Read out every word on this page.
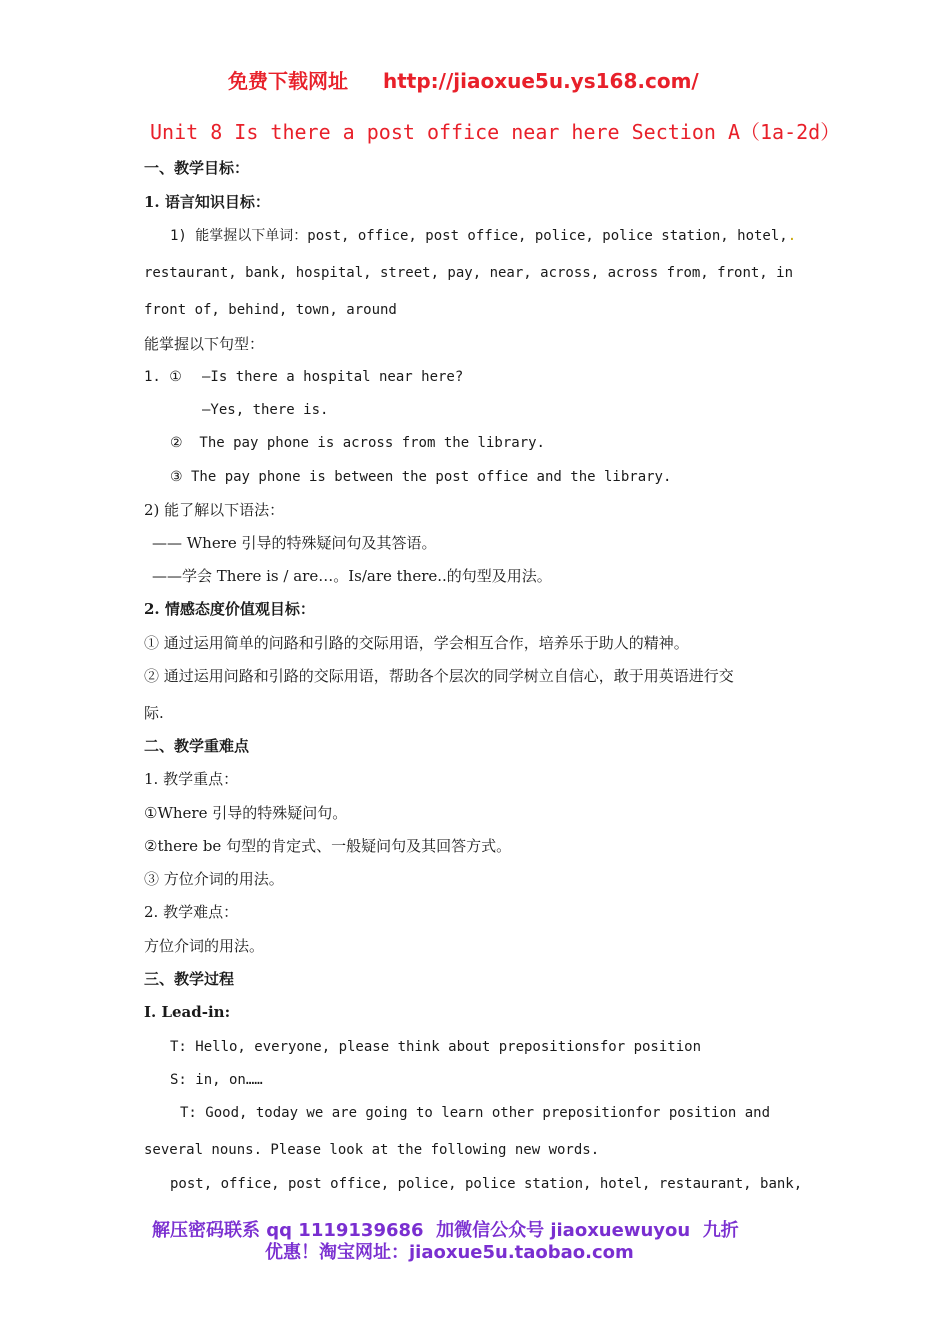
免费下载网址 http://jiaoxue5u.ys168.com/
Unit 8 Is there a post office near here Section A（1a-2d）
一、教学目标：
1. 语言知识目标：
1) 能掌握以下单词：post, office, post office, police, police station, hotel,.
restaurant, bank, hospital, street, pay, near, across, across from, front, in
front of, behind, town, around
能掌握以下句型：
1. ① —Is there a hospital near here?
—Yes, there is.
②  The pay phone is across from the library.
③ The pay phone is between the post office and the library.
2) 能了解以下语法：
—— Where 引导的特殊疑问句及其答语。
——学会 There is / are…。Is/are there..的句型及用法。
2. 情感态度价值观目标：
① 通过运用简单的问路和引路的交际用语，学会相互合作，培养乐于助人的精神。
② 通过运用问路和引路的交际用语，帮助各个层次的同学树立自信心，敢于用英语进行交
际.
二、教学重难点
1. 教学重点：
①Where 引导的特殊疑问句。
②there be 句型的肯定式、一般疑问句及其回答方式。
③ 方位介词的用法。
2. 教学难点：
方位介词的用法。
三、教学过程
Ⅰ. Lead-in:
T: Hello, everyone, please think about prepositionsfor position
S: in, on……
T: Good, today we are going to learn other prepositionfor position and
several nouns. Please look at the following new words.
post, office, post office, police, police station, hotel, restaurant, bank,
解压密码联系 qq 1119139686  加微信公众号 jiaoxuewuyou  九折
优惠！淘宝网址：jiaoxue5u.taobao.com
